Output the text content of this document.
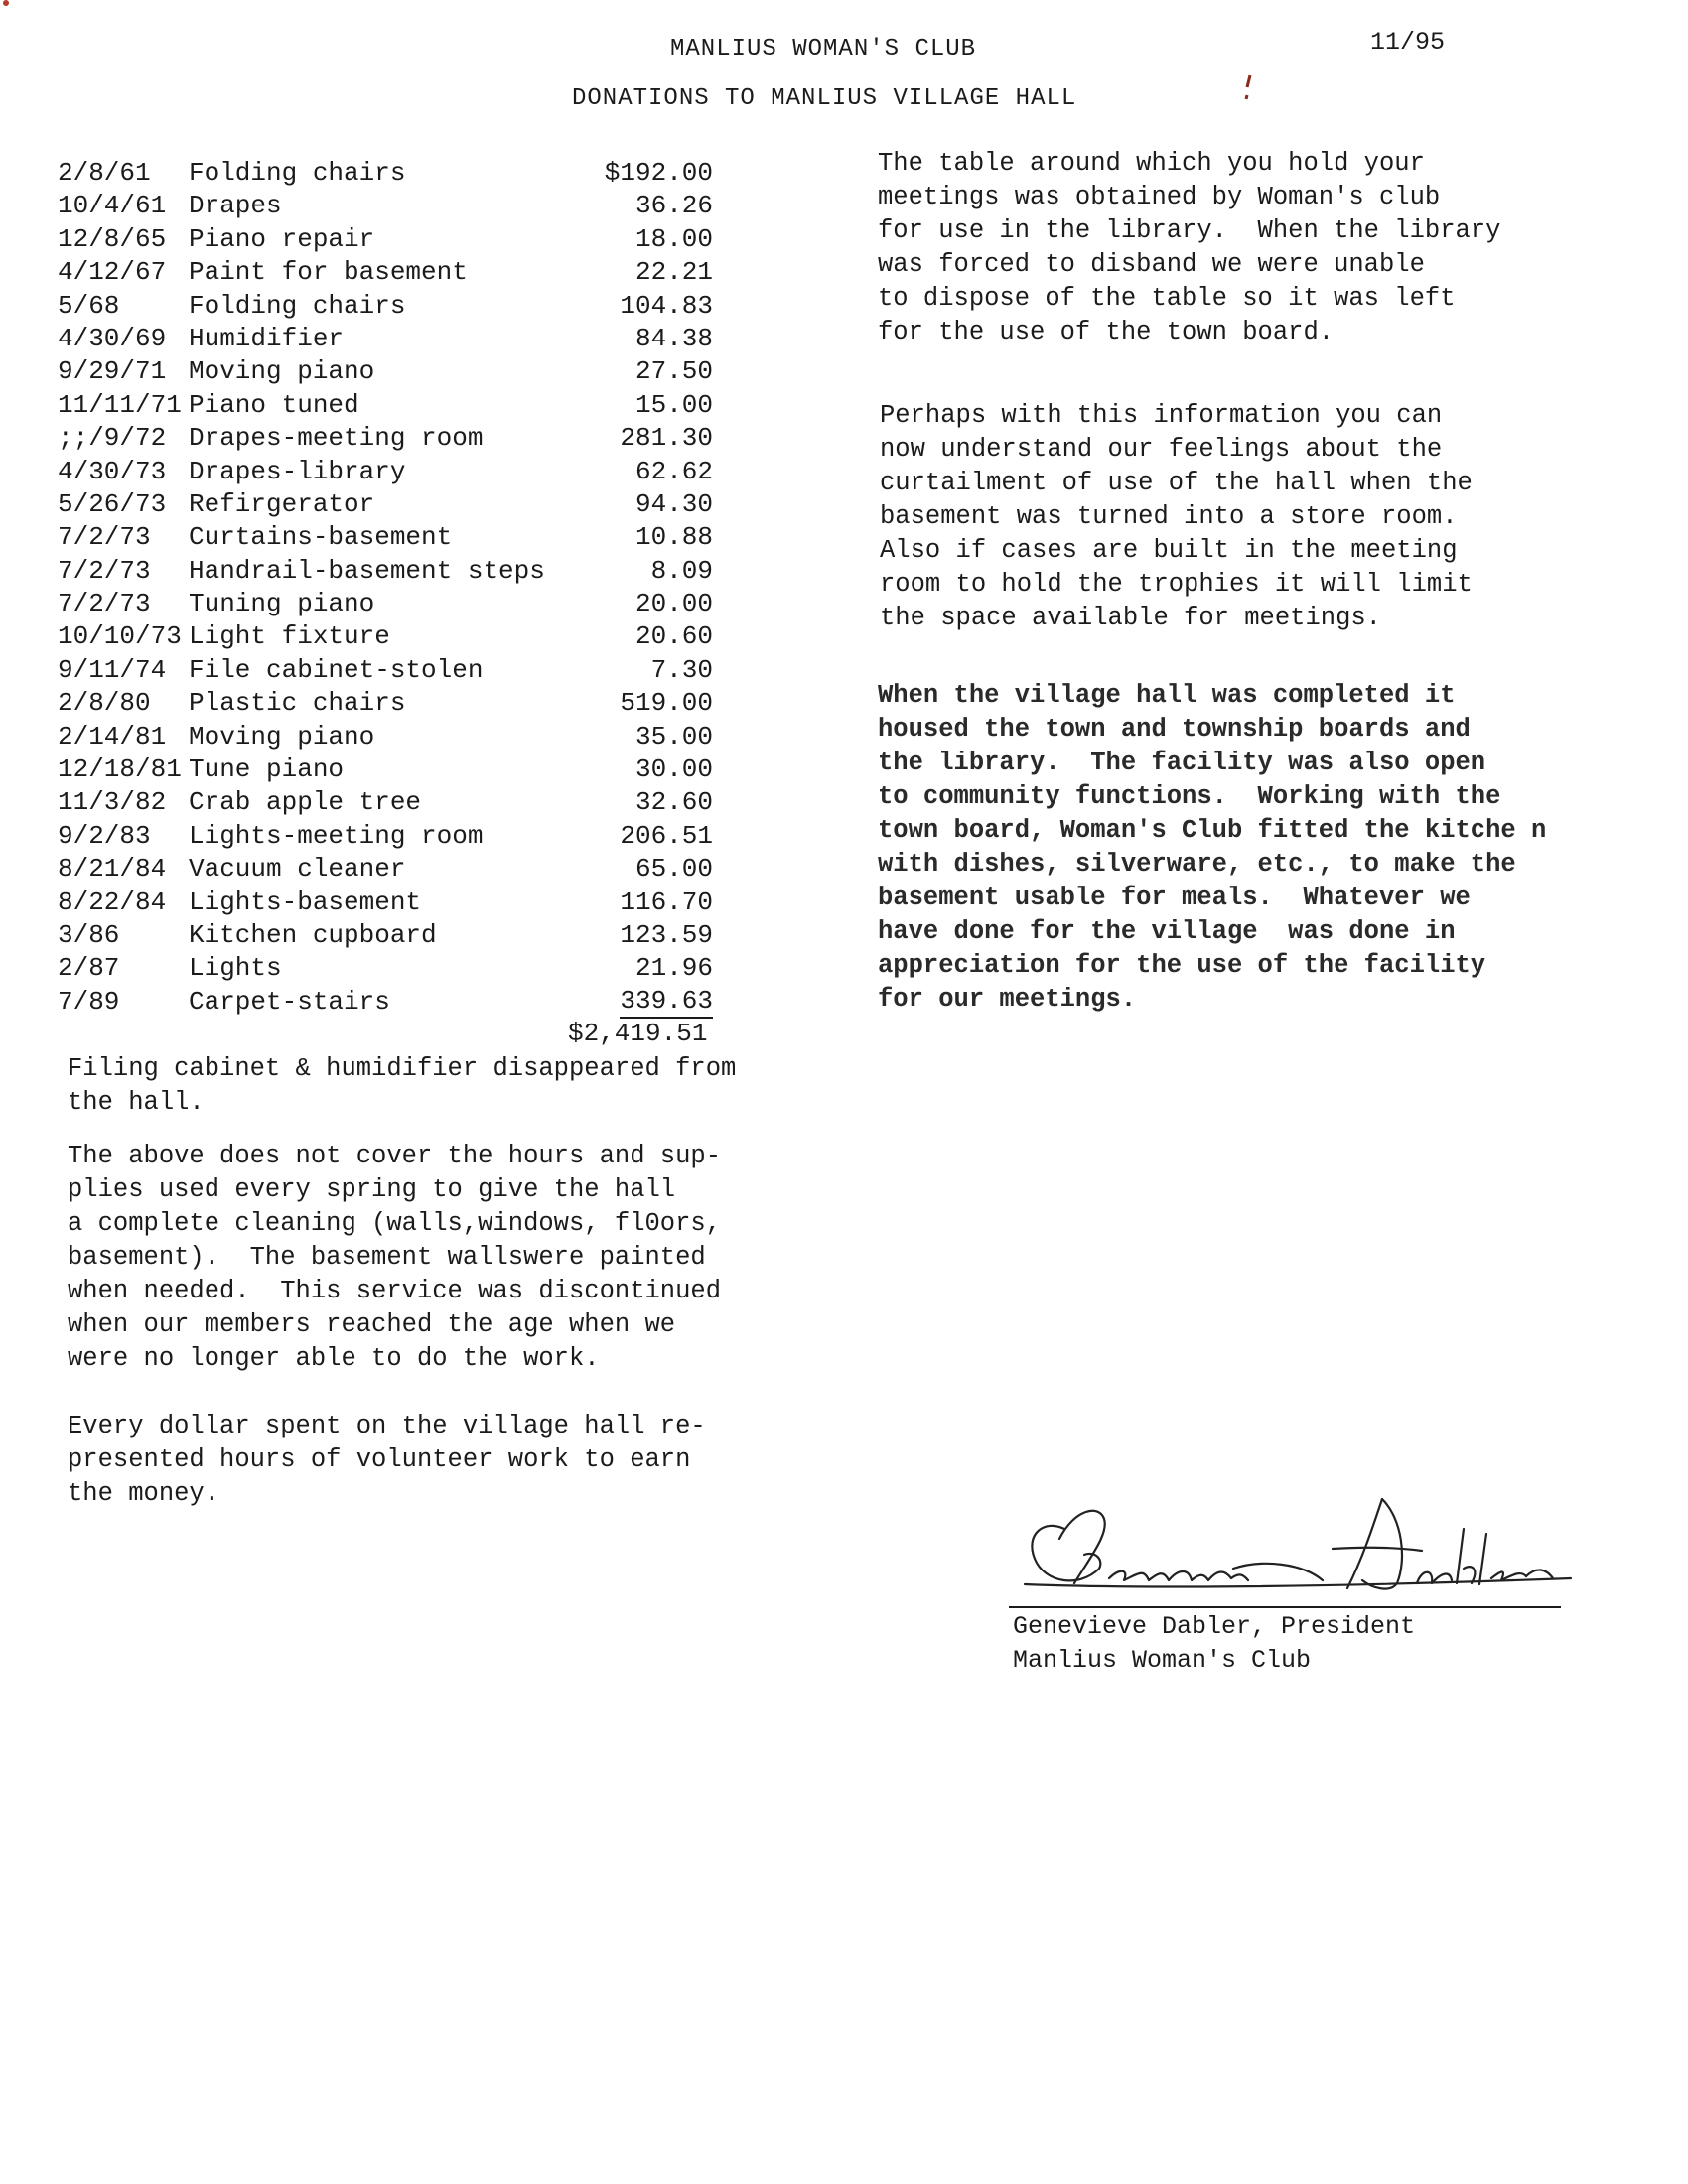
MANLIUS WOMAN'S CLUB	11/95
DONATIONS TO MANLIUS VILLAGE HALL
2/8/61 Folding chairs	$192.00
10/4/61 Drapes	36.26
12/8/65 Piano repair	18.00
4/12/67 Paint for basement	22.21
5/68	Folding chairs	104.83
4/30/69 Humidifier	84.38
9/29/71 Moving piano	27.50
11/11/71 Piano tuned	15.00
;;/9/72 Drapes-meeting room	281.30
4/30/73 Drapes-library	62.62
5/26/73 Refirgerator	94.30
7/2/73 Curtains-basement	10.88
7/2/73 Handrail-basement steps	8.09
7/2/73 Tuning piano	20.00
10/10/73 Light fixture	20.60
9/11/74 File cabinet-stolen	7.30
2/8/80 Plastic chairs	519.00
2/14/81 Moving piano	35.00
12/18/81 Tune piano	30.00
11/3/82 Crab apple tree	32.60
9/2/83 Lights-meeting room	206.51
8/21/84 Vacuum cleaner	65.00
8/22/84 Lights-basement	116.70
3/86	Kitchen cupboard	123.59
2/87	Lights	21.96
7/89	Carpet-stairs	339.63
$2,419.51
Filing cabinet & humidifier disappeared from
the hall.
The above does not cover the hours and sup-
plies used every spring to give the hall
a complete cleaning (walls,windows, fl0ors,
basement).  The basement wallswere painted
when needed.  This service was discontinued
when our members reached the age when we
were no longer able to do the work.
Every dollar spent on the village hall re-
presented hours of volunteer work to earn
the money.
The table around which you hold your
meetings was obtained by Woman's club
for use in the library.  When the library
was forced to disband we were unable
to dispose of the table so it was left
for the use of the town board.
Perhaps with this information you can
now understand our feelings about the
curtailment of use of the hall when the
basement was turned into a store room.
Also if cases are built in the meeting
room to hold the trophies it will limit
the space available for meetings.
When the village hall was completed it
housed the town and township boards and
the library.  The facility was also open
to community functions.  Working with the
town board, Woman's Club fitted the kitche n
with dishes, silverware, etc., to make the
basement usable for meals.  Whatever we
have done for the village  was done in
appreciation for the use of the facility
for our meetings.
Genevieve Dabler, President
Manlius Woman's Club
